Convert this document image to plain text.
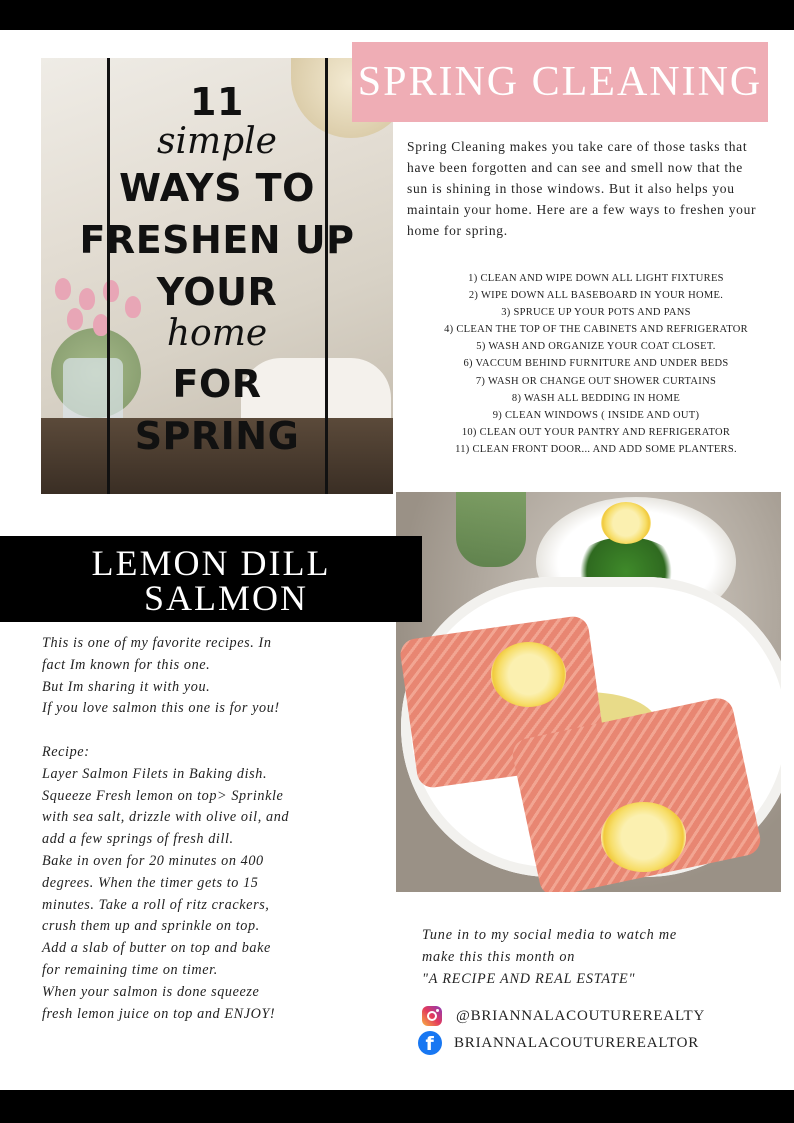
11
simple
WAYS TO
FRESHEN UP
YOUR
home
FOR
SPRING
SPRING CLEANING

Spring Cleaning makes you take care of those tasks that have been forgotten and can see and smell now that the sun is shining in those windows. But it also helps you maintain your home. Here are a few ways to freshen your home for spring.

1) CLEAN AND WIPE DOWN ALL LIGHT FIXTURES
2) WIPE DOWN ALL BASEBOARD IN YOUR HOME.
3) SPRUCE UP YOUR POTS AND PANS
4) CLEAN THE TOP OF THE CABINETS AND REFRIGERATOR
5) WASH AND ORGANIZE YOUR COAT CLOSET.
6) VACCUM BEHIND FURNITURE AND UNDER BEDS
7) WASH OR CHANGE OUT SHOWER CURTAINS
8) WASH ALL BEDDING IN HOME
9) CLEAN WINDOWS ( INSIDE AND OUT)
10) CLEAN OUT YOUR PANTRY AND REFRIGERATOR
11) CLEAN FRONT DOOR... AND ADD SOME PLANTERS.
LEMON DILL
SALMON
This is one of my favorite recipes. In
fact Im known for this one.
But Im sharing it with you.
If you love salmon this one is for you!
Recipe:
Layer Salmon Filets in Baking dish.
Squeeze Fresh lemon on top> Sprinkle
with sea salt, drizzle with olive oil, and
add a few springs of fresh dill.
Bake in oven for 20 minutes on 400
degrees. When the timer gets to 15
minutes. Take a roll of ritz crackers,
crush them up and sprinkle on top.
Add a slab of butter on top and bake
for remaining time on timer.
When your salmon is done squeeze
fresh lemon juice on top and ENJOY!
Tune in to my social media to watch me
make this this month on
"A RECIPE AND REAL ESTATE"
@BRIANNALACOUTUREREALTY
f	BRIANNALACOUTUREREALTOR
